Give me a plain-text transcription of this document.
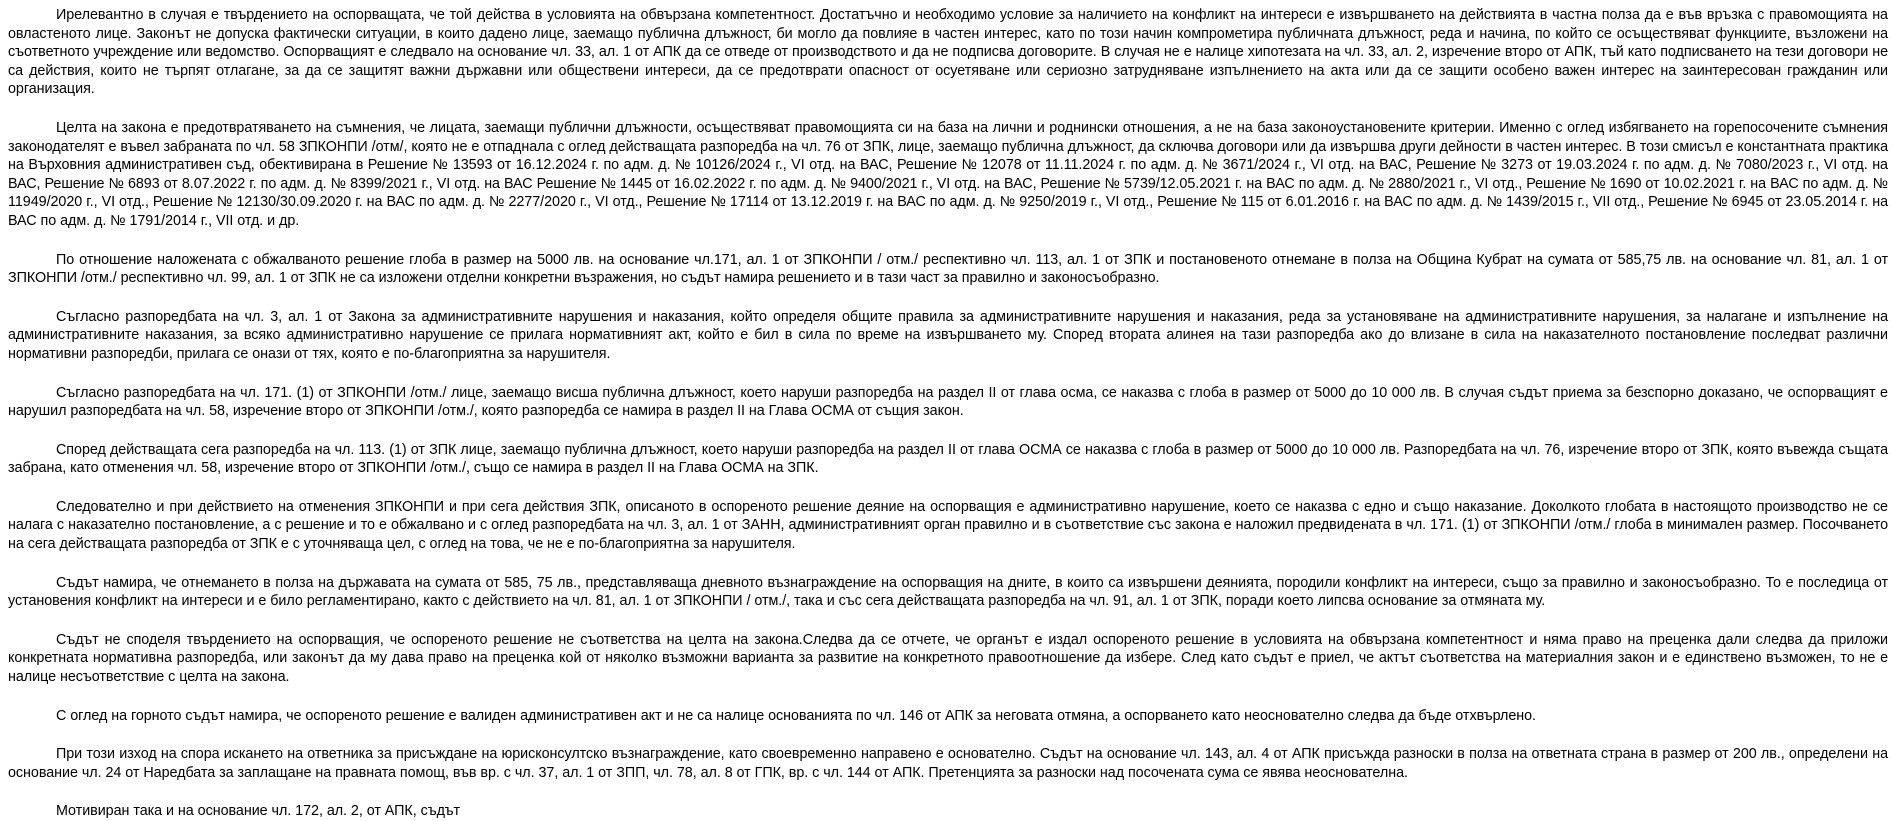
Ирелевантно в случая е твърдението на оспорващата, че той действа в условията на обвързана компетентност. Достатъчно и необходимо условие за наличието на конфликт на интереси е извършването на действията в частна полза да е във връзка с правомощията на овластеното лице. Законът не допуска фактически ситуации, в които дадено лице, заемащо публична длъжност, би могло да повлияе в частен интерес, като по този начин компрометира публичната длъжност, реда и начина, по който се осъществяват функциите, възложени на съответното учреждение или ведомство. Оспорващият е следвало на основание чл. 33, ал. 1 от АПК да се отведе от производството и да не подписва договорите. В случая не е налице хипотезата на чл. 33, ал. 2, изречение второ от АПК, тъй като подписването на тези договори не са действия, които не търпят отлагане, за да се защитят важни държавни или обществени интереси, да се предотврати опасност от осуетяване или сериозно затрудняване изпълнението на акта или да се защити особено важен интерес на заинтересован гражданин или организация.

Целта на закона е предотвратяването на съмнения, че лицата, заемащи публични длъжности, осъществяват правомощията си на база на лични и роднински отношения, а не на база законоустановените критерии. Именно с оглед избягването на горепосочените съмнения законодателят е въвел забраната по чл. 58 ЗПКОНПИ /отм/, която не е отпаднала с оглед действащата разпоредба на чл. 76 от ЗПК, лице, заемащо публична длъжност, да сключва договори или да извършва други дейности в частен интерес. В този смисъл е константната практика на Върховния административен съд, обективирана в Решение № 13593 от 16.12.2024 г. по адм. д. № 10126/2024 г., VI отд. на ВАС, Решение № 12078 от 11.11.2024 г. по адм. д. № 3671/2024 г., VI отд. на ВАС, Решение № 3273 от 19.03.2024 г. по адм. д. № 7080/2023 г., VI отд. на ВАС, Решение № 6893 от 8.07.2022 г. по адм. д. № 8399/2021 г., VI отд. на ВАС Решение № 1445 от 16.02.2022 г. по адм. д. № 9400/2021 г., VI отд. на ВАС, Решение № 5739/12.05.2021 г. на ВАС по адм. д. № 2880/2021 г., VI отд., Решение № 1690 от 10.02.2021 г. на ВАС по адм. д. № 11949/2020 г., VI отд., Решение № 12130/30.09.2020 г. на ВАС по адм. д. № 2277/2020 г., VI отд., Решение № 17114 от 13.12.2019 г. на ВАС по адм. д. № 9250/2019 г., VI отд., Решение № 115 от 6.01.2016 г. на ВАС по адм. д. № 1439/2015 г., VII отд., Решение № 6945 от 23.05.2014 г. на ВАС по адм. д. № 1791/2014 г., VII отд. и др.

По отношение наложената с обжалваното решение глоба в размер на 5000 лв. на основание чл.171, ал. 1 от ЗПКОНПИ / отм./ респективно чл. 113, ал. 1 от ЗПК и постановеното отнемане в полза на Община Кубрат на сумата от 585,75 лв. на основание чл. 81, ал. 1 от ЗПКОНПИ /отм./ респективно чл. 99, ал. 1 от ЗПК не са изложени отделни конкретни възражения, но съдът намира решението и в тази част за правилно и законосъобразно.

Съгласно разпоредбата на чл. 3, ал. 1 от Закона за административните нарушения и наказания, който определя общите правила за административните нарушения и наказания, реда за установяване на административните нарушения, за налагане и изпълнение на административните наказания, за всяко административно нарушение се прилага нормативният акт, който е бил в сила по време на извършването му. Според втората алинея на тази разпоредба ако до влизане в сила на наказателното постановление последват различни нормативни разпоредби, прилага се онази от тях, която е по-благоприятна за нарушителя.

Съгласно разпоредбата на чл. 171. (1) от ЗПКОНПИ /отм./ лице, заемащо висша публична длъжност, което наруши разпоредба на раздел II от глава осма, се наказва с глоба в размер от 5000 до 10 000 лв. В случая съдът приема за безспорно доказано, че оспорващият е нарушил разпоредбата на чл. 58, изречение второ от ЗПКОНПИ /отм./, която разпоредба се намира в раздел II на Глава ОСМА от същия закон.

Според действащата сега разпоредба на чл. 113. (1) от ЗПК лице, заемащо публична длъжност, което наруши разпоредба на раздел II от глава ОСМА се наказва с глоба в размер от 5000 до 10 000 лв. Разпоредбата на чл. 76, изречение второ от ЗПК, която въвежда същата забрана, като отменения чл. 58, изречение второ от ЗПКОНПИ /отм./, също се намира в раздел II на Глава ОСМА на ЗПК.

Следователно и при действието на отменения ЗПКОНПИ и при сега действия ЗПК, описаното в оспореното решение деяние на оспорващия е административно нарушение, което се наказва с едно и също наказание. Доколкото глобата в настоящото производство не се налага с наказателно постановление, а с решение и то е обжалвано и с оглед разпоредбата на чл. 3, ал. 1 от ЗАНН, административният орган правилно и в съответствие със закона е наложил предвидената в чл. 171. (1) от ЗПКОНПИ /отм./ глоба в минимален размер. Посочването на сега действащата разпоредба от ЗПК е с уточняваща цел, с оглед на това, че не е по-благоприятна за нарушителя.

Съдът намира, че отнемането в полза на държавата на сумата от 585, 75 лв., представляваща дневното възнаграждение на оспорващия на дните, в които са извършени деянията, породили конфликт на интереси, също за правилно и законосъобразно. То е последица от установения конфликт на интереси и е било регламентирано, както с действието на чл. 81, ал. 1 от ЗПКОНПИ / отм./, така и със сега действащата разпоредба на чл. 91, ал. 1 от ЗПК, поради което липсва основание за отмяната му.

Съдът не споделя твърдението на оспорващия, че оспореното решение не съответства на целта на закона.Следва да се отчете, че органът е издал оспореното решение в условията на обвързана компетентност и няма право на преценка дали следва да приложи конкретната нормативна разпоредба, или законът да му дава право на преценка кой от няколко възможни варианта за развитие на конкретното правоотношение да избере. След като съдът е приел, че актът съответства на материалния закон и е единствено възможен, то не е налице несъответствие с целта на закона.

С оглед на горното съдът намира, че оспореното решение е валиден административен акт и не са налице основанията по чл. 146 от АПК за неговата отмяна, а оспорването като неоснователно следва да бъде отхвърлено.

При този изход на спора искането на ответника за присъждане на юрисконсултско възнаграждение, като своевременно направено е основателно. Съдът на основание чл. 143, ал. 4 от АПК присъжда разноски в полза на ответната страна в размер от 200 лв., определени на основание чл. 24 от Наредбата за заплащане на правната помощ, във вр. с чл. 37, ал. 1 от ЗПП, чл. 78, ал. 8 от ГПК, вр. с чл. 144 от АПК. Претенцията за разноски над посочената сума се явява неоснователна.

Мотивиран така и на основание чл. 172, ал. 2, от АПК, съдът
